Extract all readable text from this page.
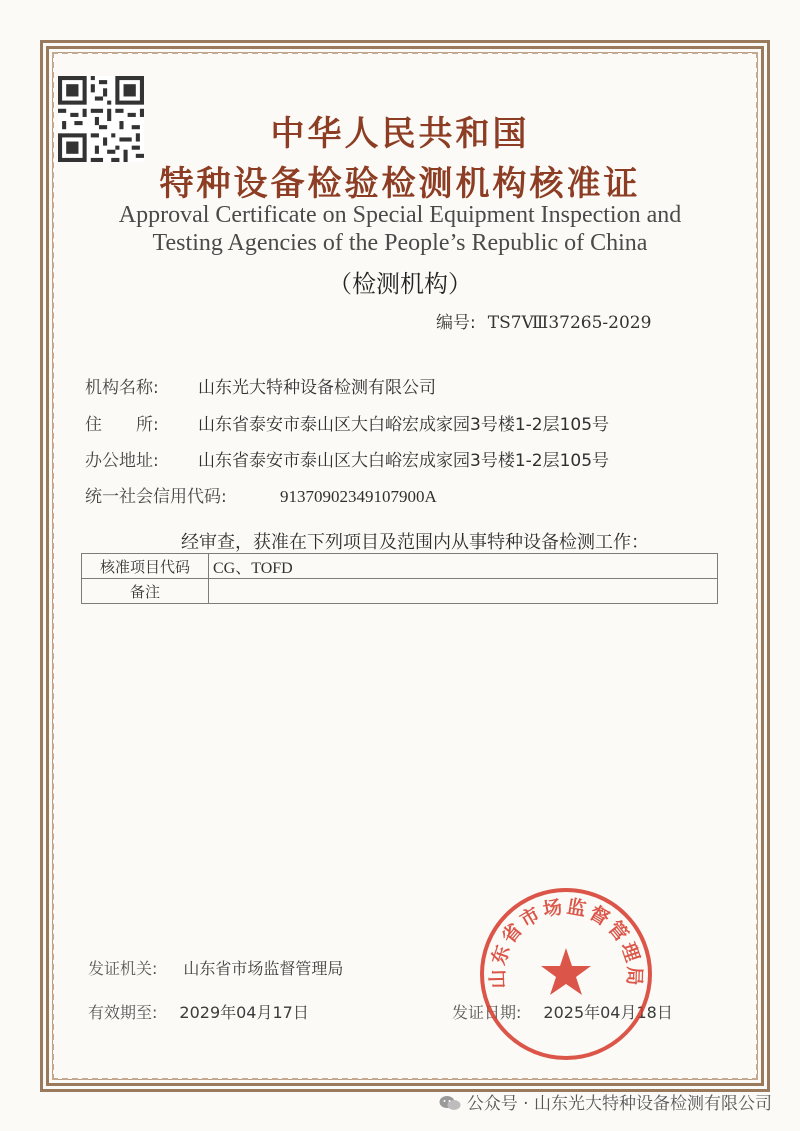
中华人民共和国
特种设备检验检测机构核准证

Approval Certificate on Special Equipment Inspection and

Testing Agencies of the People’s Republic of China

（检测机构）
编号: TS7Ⅷ37265-2029
机构名称: 山东光大特种设备检测有限公司
住　　所: 山东省泰安市泰山区大白峪宏成家园3号楼1-2层105号
办公地址: 山东省泰安市泰山区大白峪宏成家园3号楼1-2层105号
统一社会信用代码:	91370902349107900A
经审查，获准在下列项目及范围内从事特种设备检测工作：
核准项目代码	CG、TOFD
备注	
发证机关: 山东省市场监督管理局
有效期至: 2029年04月17日	发证日期: 2025年04月18日
山东省市场监督管理局
公众号 · 山东光大特种设备检测有限公司
